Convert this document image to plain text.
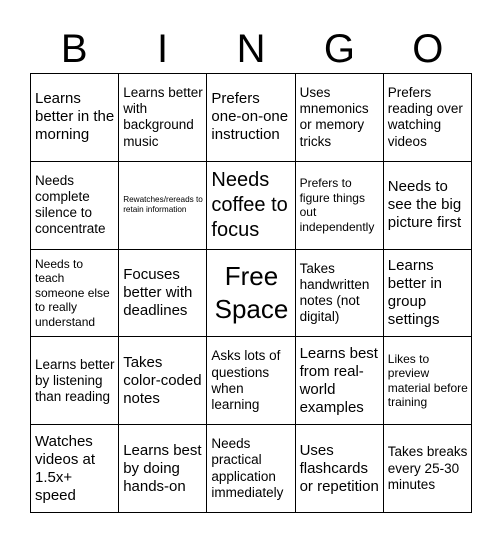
B	I	N	G	O
Learns better in the morning
Learns better with background music
Prefers one-on-one instruction
Uses mnemonics or memory tricks
Prefers reading over watching videos
Needs complete silence to concentrate
Rewatches/rereads to retain information
Needs coffee to focus
Prefers to figure things out independently
Needs to see the big picture first
Needs to teach someone else to really understand
Focuses better with deadlines
Free Space
Takes handwritten notes (not digital)
Learns better in group settings
Learns better by listening than reading
Takes color-coded notes
Asks lots of questions when learning
Learns best from real-world examples
Likes to preview material before training
Watches videos at 1.5x+ speed
Learns best by doing hands-on
Needs practical application immediately
Uses flashcards or repetition
Takes breaks every 25-30 minutes
